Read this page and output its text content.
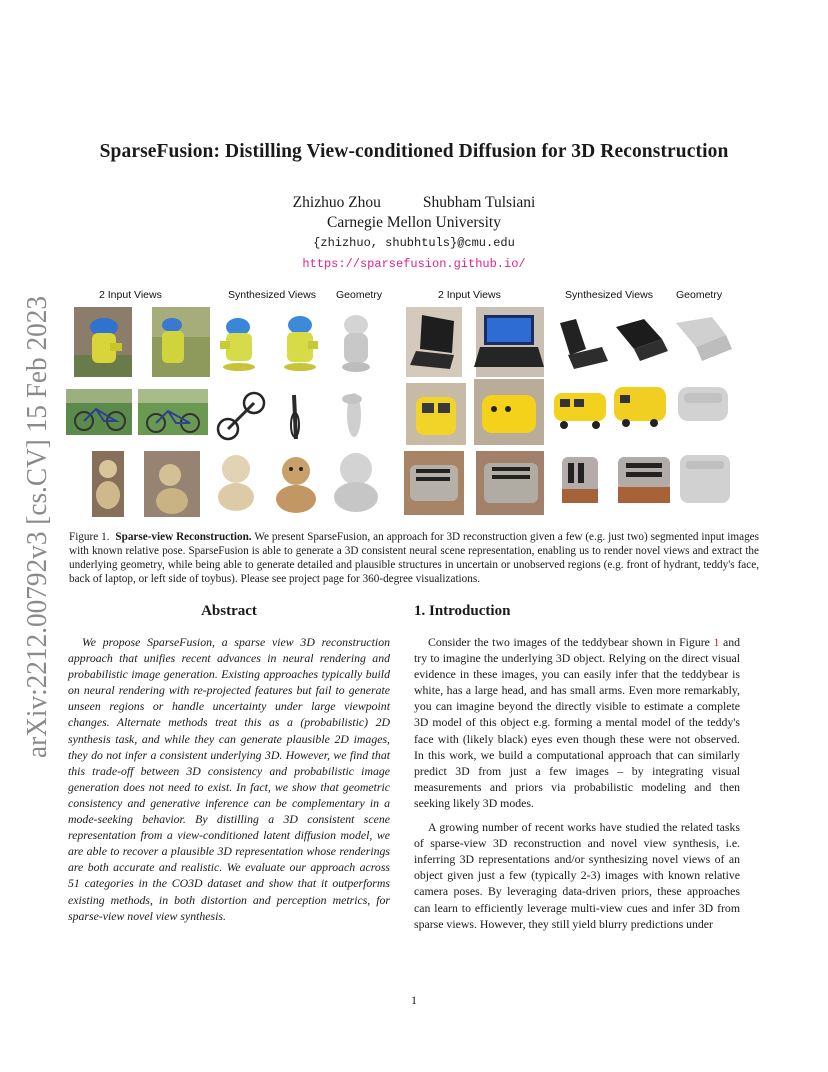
arXiv:2212.00792v3 [cs.CV] 15 Feb 2023
SparseFusion: Distilling View-conditioned Diffusion for 3D Reconstruction
Zhizhuo Zhou	Shubham Tulsiani
Carnegie Mellon University
{zhizhuo, shubhtuls}@cmu.edu
https://sparsefusion.github.io/
2 Input Views	Synthesized Views Geometry	2 Input Views	Synthesized Views Geometry
Figure 1. Sparse-view Reconstruction. We present SparseFusion, an approach for 3D reconstruction given a few (e.g. just two) segmented input images with known relative pose. SparseFusion is able to generate a 3D consistent neural scene representation, enabling us to render novel views and extract the underlying geometry, while being able to generate detailed and plausible structures in uncertain or unobserved regions (e.g. front of hydrant, teddy's face, back of laptop, or left side of toybus). Please see project page for 360-degree visualizations.
Abstract

We propose SparseFusion, a sparse view 3D reconstruction approach that unifies recent advances in neural rendering and probabilistic image generation. Existing approaches typically build on neural rendering with re-projected features but fail to generate unseen regions or handle uncertainty under large viewpoint changes. Alternate methods treat this as a (probabilistic) 2D synthesis task, and while they can generate plausible 2D images, they do not infer a consistent underlying 3D. However, we find that this trade-off between 3D consistency and probabilistic image generation does not need to exist. In fact, we show that geometric consistency and generative inference can be complementary in a mode-seeking behavior. By distilling a 3D consistent scene representation from a view-conditioned latent diffusion model, we are able to recover a plausible 3D representation whose renderings are both accurate and realistic. We evaluate our approach across 51 categories in the CO3D dataset and show that it outperforms existing methods, in both distortion and perception metrics, for sparse-view novel view synthesis.

1. Introduction

Consider the two images of the teddybear shown in Figure 1 and try to imagine the underlying 3D object. Relying on the direct visual evidence in these images, you can easily infer that the teddybear is white, has a large head, and has small arms. Even more remarkably, you can imagine beyond the directly visible to estimate a complete 3D model of this object e.g. forming a mental model of the teddy's face with (likely black) eyes even though these were not observed. In this work, we build a computational approach that can similarly predict 3D from just a few images – by integrating visual measurements and priors via probabilistic modeling and then seeking likely 3D modes.

A growing number of recent works have studied the related tasks of sparse-view 3D reconstruction and novel view synthesis, i.e. inferring 3D representations and/or synthesizing novel views of an object given just a few (typically 2-3) images with known relative camera poses. By leveraging data-driven priors, these approaches can learn to efficiently leverage multi-view cues and infer 3D from sparse views. However, they still yield blurry predictions under

1
